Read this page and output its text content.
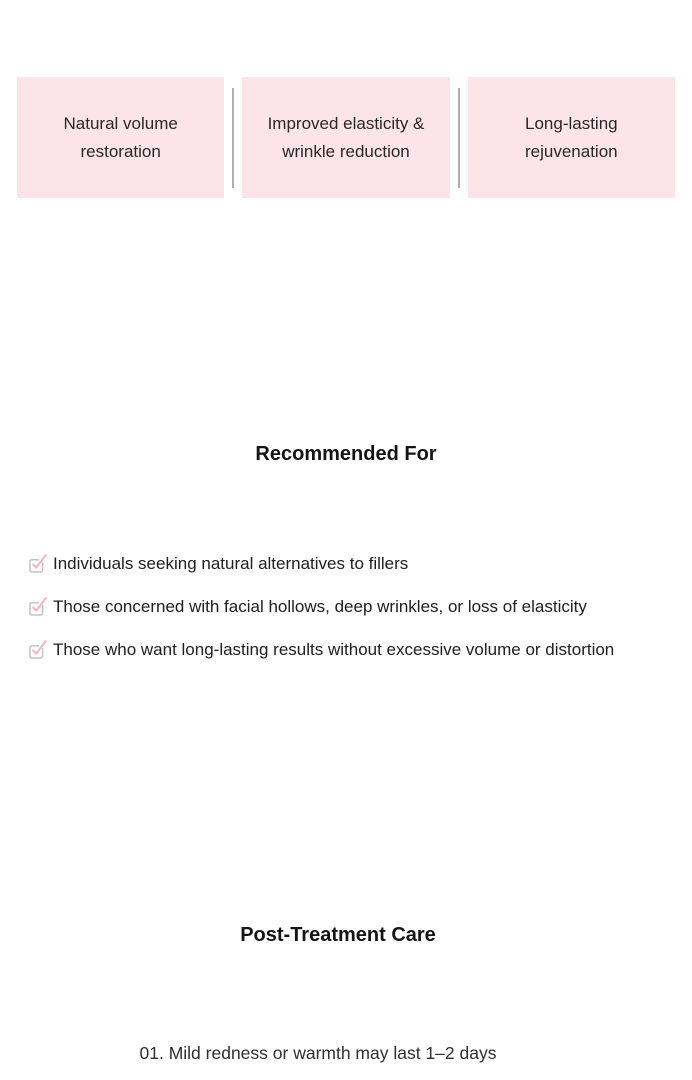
Natural volume restoration
Improved elasticity & wrinkle reduction
Long-lasting rejuvenation
Recommended For
Individuals seeking natural alternatives to fillers
Those concerned with facial hollows, deep wrinkles, or loss of elasticity
Those who want long-lasting results without excessive volume or distortion
Post-Treatment Care
01. Mild redness or warmth may last 1–2 days
